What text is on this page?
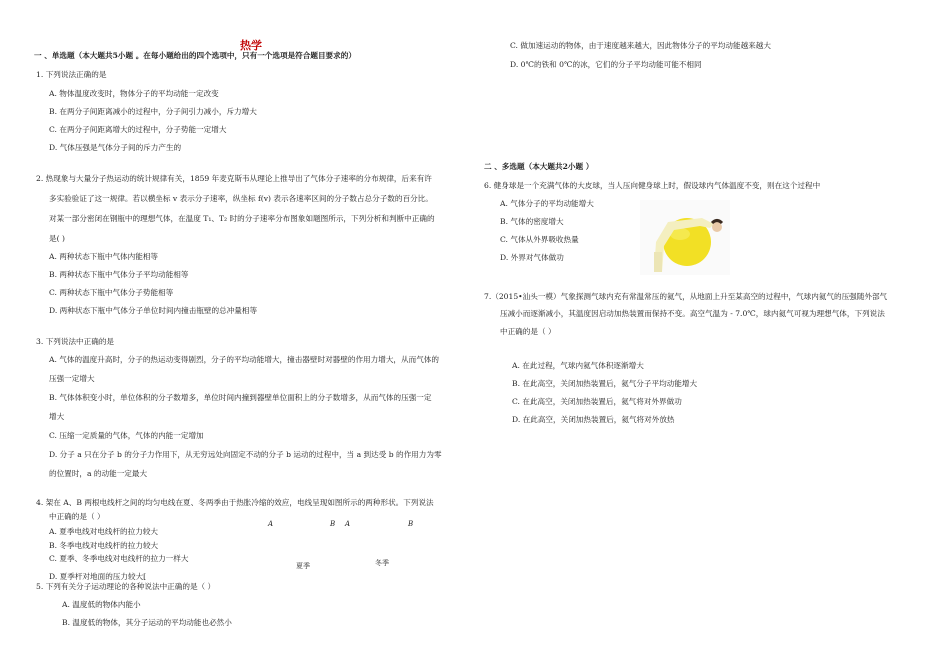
热学
一 、单选题（本大题共5小题 。在每小题给出的四个选项中，只有一个选项是符合题目要求的）
1. 下列说法正确的是
A. 物体温度改变时，物体分子的平均动能一定改变
B. 在两分子间距离减小的过程中，分子间引力减小，斥力增大
C. 在两分子间距离增大的过程中，分子势能一定增大
D. 气体压强是气体分子间的斥力产生的
2. 热现象与大量分子热运动的统计规律有关，1859 年麦克斯韦从理论上推导出了气体分子速率的分布规律，后来有许
多实验验证了这一规律。若以横坐标 v 表示分子速率，纵坐标 f(v) 表示各速率区间的分子数占总分子数的百分比。
对某一部分密闭在钢瓶中的理想气体，在温度 T₁、T₂ 时的分子速率分布图象如题图所示，下列分析和判断中正确的
是( )
A. 两种状态下瓶中气体内能相等
B. 两种状态下瓶中气体分子平均动能相等
C. 两种状态下瓶中气体分子势能相等
D. 两种状态下瓶中气体分子单位时间内撞击瓶壁的总冲量相等
3. 下列说法中正确的是
A. 气体的温度升高时，分子的热运动变得剧烈，分子的平均动能增大，撞击器壁时对器壁的作用力增大，从而气体的
压强一定增大
B. 气体体积变小时，单位体积的分子数增多，单位时间内撞到器壁单位面积上的分子数增多，从而气体的压强一定
增大
C. 压缩一定质量的气体，气体的内能一定增加
D. 分子 a 只在分子 b 的分子力作用下，从无穷远处向固定不动的分子 b 运动的过程中，当 a 到达受 b 的作用力为零
的位置时，a 的动能一定最大
4. 架在 A、B 两根电线杆之间的均匀电线在夏、冬两季由于热胀冷缩的效应，电线呈现如图所示的两种形状。下列说法
中正确的是（ ）
A. 夏季电线对电线杆的拉力较大
B. 冬季电线对电线杆的拉力较大
C. 夏季、冬季电线对电线杆的拉力一样大
D. 夏季杆对地面的压力较大[
A	B A	B
夏季	冬季
5. 下列有关分子运动理论的各种说法中正确的是（ ）
A. 温度低的物体内能小
B. 温度低的物体，其分子运动的平均动能也必然小
C. 做加速运动的物体，由于速度越来越大，因此物体分子的平均动能越来越大
D. 0℃的铁和 0℃的冰，它们的分子平均动能可能不相同
二 、多选题（本大题共2小题 ）
6. 健身球是一个充满气体的大皮球，当人压向健身球上时，假设球内气体温度不变，则在这个过程中
A. 气体分子的平均动能增大
B. 气体的密度增大
C. 气体从外界吸收热量
D. 外界对气体做功
7.（2015•汕头一模）气象探测气球内充有常温常压的氦气，从地面上升至某高空的过程中，气球内氦气的压强随外部气
压减小而逐渐减小，其温度因启动加热装置而保持不变。高空气温为 - 7.0℃，球内氦气可视为理想气体，下列说法
中正确的是（ ）
A. 在此过程，气球内氦气体积逐渐增大
B. 在此高空，关闭加热装置后，氦气分子平均动能增大
C. 在此高空，关闭加热装置后，氦气将对外界做功
D. 在此高空，关闭加热装置后，氦气将对外放热
